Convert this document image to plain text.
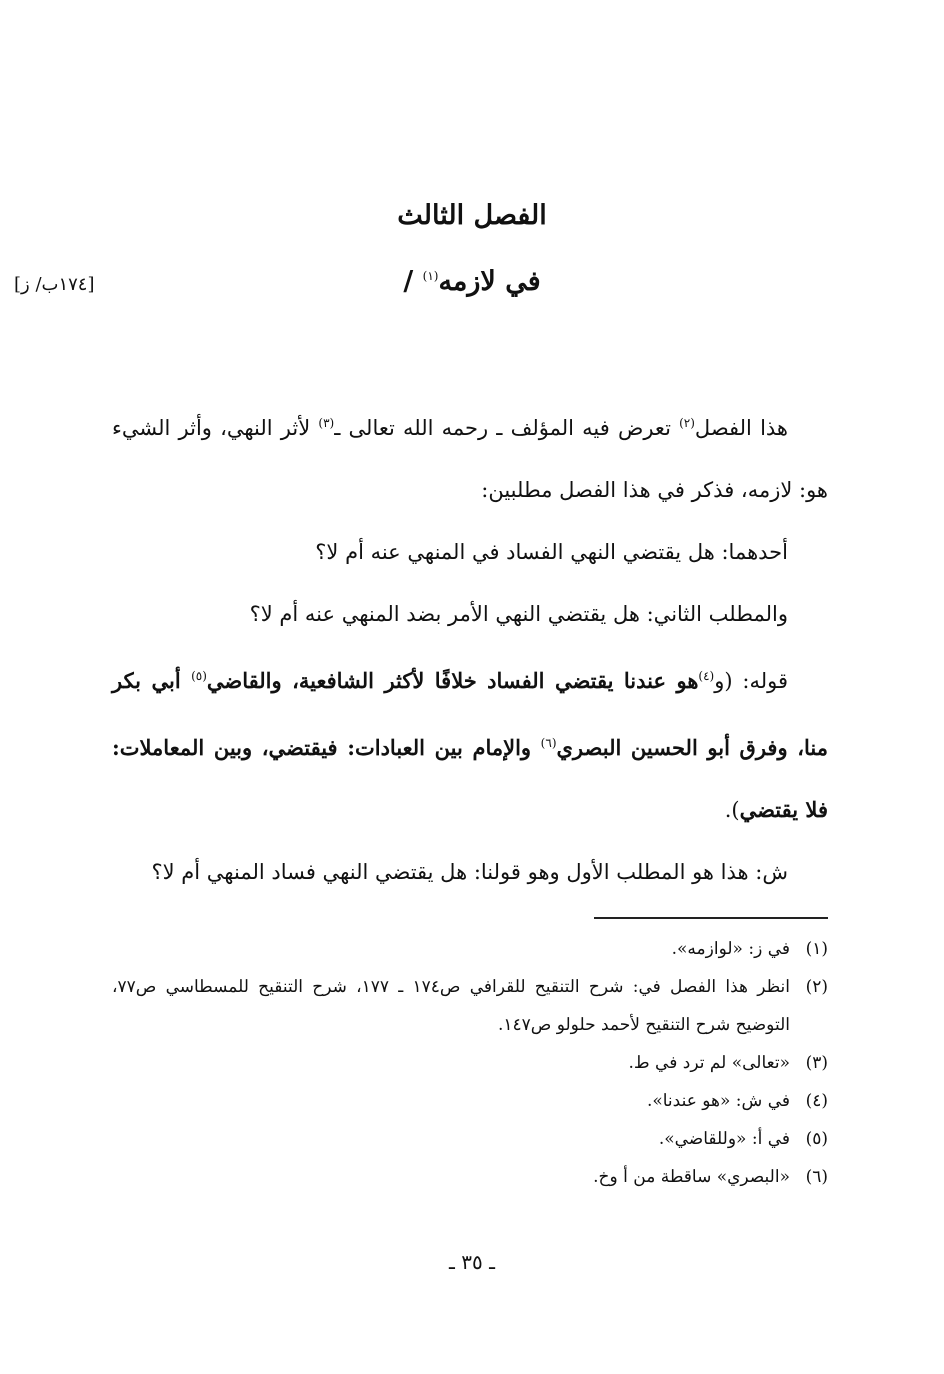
الفصل الثالث
في لازمه$^{(١)}$ /
[١٧٤ب/ ز]

هذا الفصل$^{(٢)}$ تعرض فيه المؤلف ـ رحمه الله تعالى ـ$^{(٣)}$ لأثر النهي، وأثر الشيء هو: لازمه، فذكر في هذا الفصل مطلبين:

أحدهما: هل يقتضي النهي الفساد في المنهي عنه أم لا؟

والمطلب الثاني: هل يقتضي النهي الأمر بضد المنهي عنه أم لا؟

قوله: (و$^{(٤)}$هو عندنا يقتضي الفساد خلافًا لأكثر الشافعية، والقاضي$^{(٥)}$ أبي بكر منا، وفرق أبو الحسين البصري$^{(٦)}$ والإمام بين العبادات: فيقتضي، وبين المعاملات: فلا يقتضي).

ش: هذا هو المطلب الأول وهو قولنا: هل يقتضي النهي فساد المنهي أم لا؟

(١)
في ز: «لوازمه».
(٢)
انظر هذا الفصل في: شرح التنقيح للقرافي ص١٧٤ ـ ١٧٧، شرح التنقيح للمسطاسي ص٧٧، التوضيح شرح التنقيح لأحمد حلولو ص١٤٧.
(٣)
«تعالى» لم ترد في ط.
(٤)
في ش: «هو عندنا».
(٥)
في أ: «وللقاضي».
(٦)
«البصري» ساقطة من أ وخ.
ـ ٣٥ ـ
